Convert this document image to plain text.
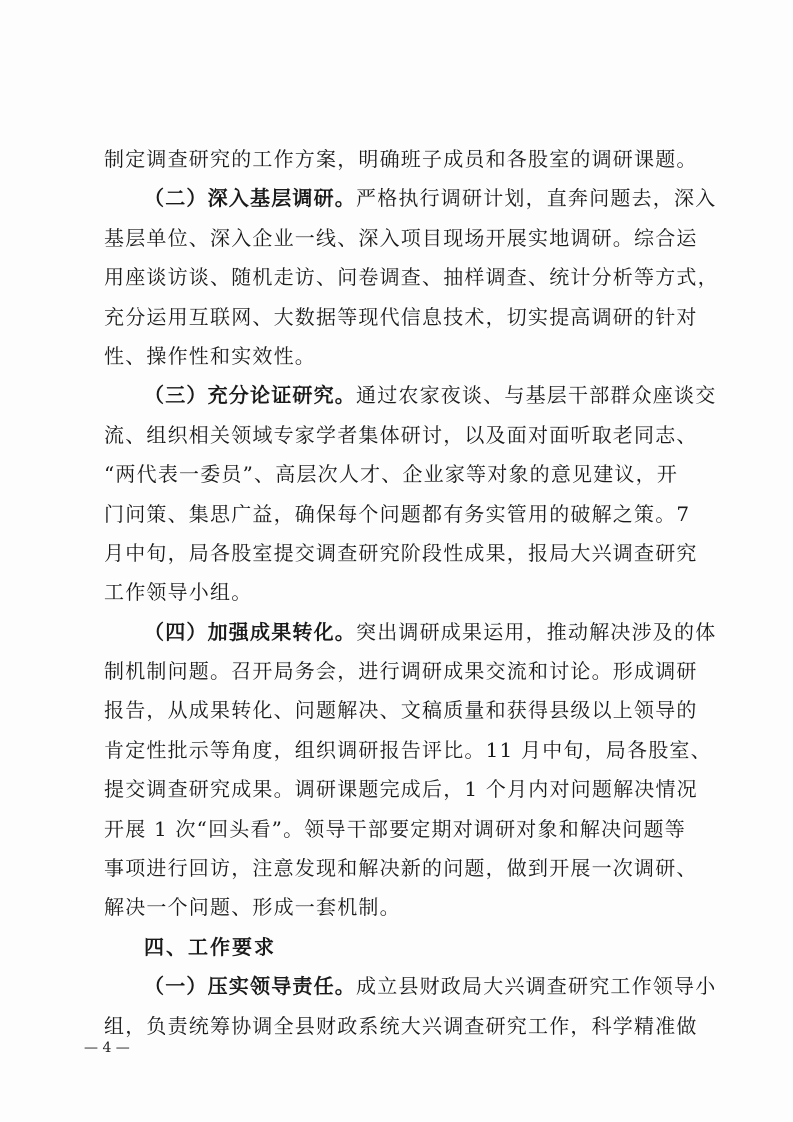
制定调查研究的工作方案，明确班子成员和各股室的调研课题。
（二）深入基层调研。严格执行调研计划，直奔问题去，深入
基层单位、深入企业一线、深入项目现场开展实地调研。综合运
用座谈访谈、随机走访、问卷调查、抽样调查、统计分析等方式，
充分运用互联网、大数据等现代信息技术，切实提高调研的针对
性、操作性和实效性。
（三）充分论证研究。通过农家夜谈、与基层干部群众座谈交
流、组织相关领域专家学者集体研讨，以及面对面听取老同志、
“两代表一委员”、高层次人才、企业家等对象的意见建议，开
门问策、集思广益，确保每个问题都有务实管用的破解之策。7
月中旬，局各股室提交调查研究阶段性成果，报局大兴调查研究
工作领导小组。
（四）加强成果转化。突出调研成果运用，推动解决涉及的体
制机制问题。召开局务会，进行调研成果交流和讨论。形成调研
报告，从成果转化、问题解决、文稿质量和获得县级以上领导的
肯定性批示等角度，组织调研报告评比。11 月中旬，局各股室、
提交调查研究成果。调研课题完成后，1 个月内对问题解决情况
开展 1 次“回头看”。领导干部要定期对调研对象和解决问题等
事项进行回访，注意发现和解决新的问题，做到开展一次调研、
解决一个问题、形成一套机制。
四、工作要求
（一）压实领导责任。成立县财政局大兴调查研究工作领导小
组，负责统筹协调全县财政系统大兴调查研究工作，科学精准做
— 4 —
